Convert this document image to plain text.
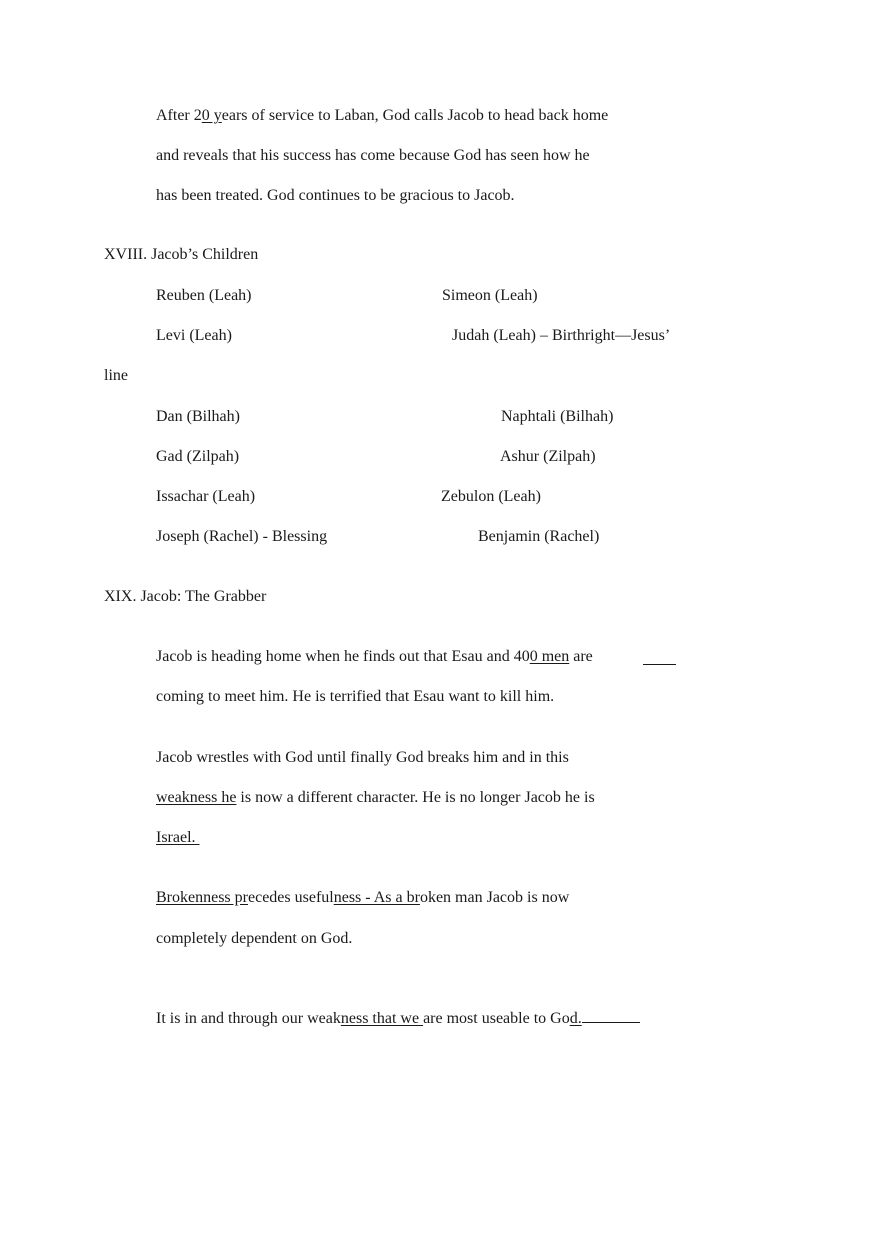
After 20 years of service to Laban, God calls Jacob to head back home
and reveals that his success has come because God has seen how he
has been treated. God continues to be gracious to Jacob.
XVIII. Jacob’s Children
Reuben (Leah)	Simeon (Leah)
Levi (Leah)	Judah (Leah) – Birthright—Jesus’
line
Dan (Bilhah)	Naphtali (Bilhah)
Gad (Zilpah)	Ashur (Zilpah)
Issachar (Leah)	Zebulon (Leah)
Joseph (Rachel) - Blessing	Benjamin (Rachel)
XIX. Jacob: The Grabber
Jacob is heading home when he finds out that Esau and 400 men are
coming to meet him. He is terrified that Esau want to kill him.
Jacob wrestles with God until finally God breaks him and in this
weakness he is now a different character. He is no longer Jacob he is
Israel.
Brokenness precedes usefulness - As a broken man Jacob is now
completely dependent on God.
It is in and through our weakness that we are most useable to God.
